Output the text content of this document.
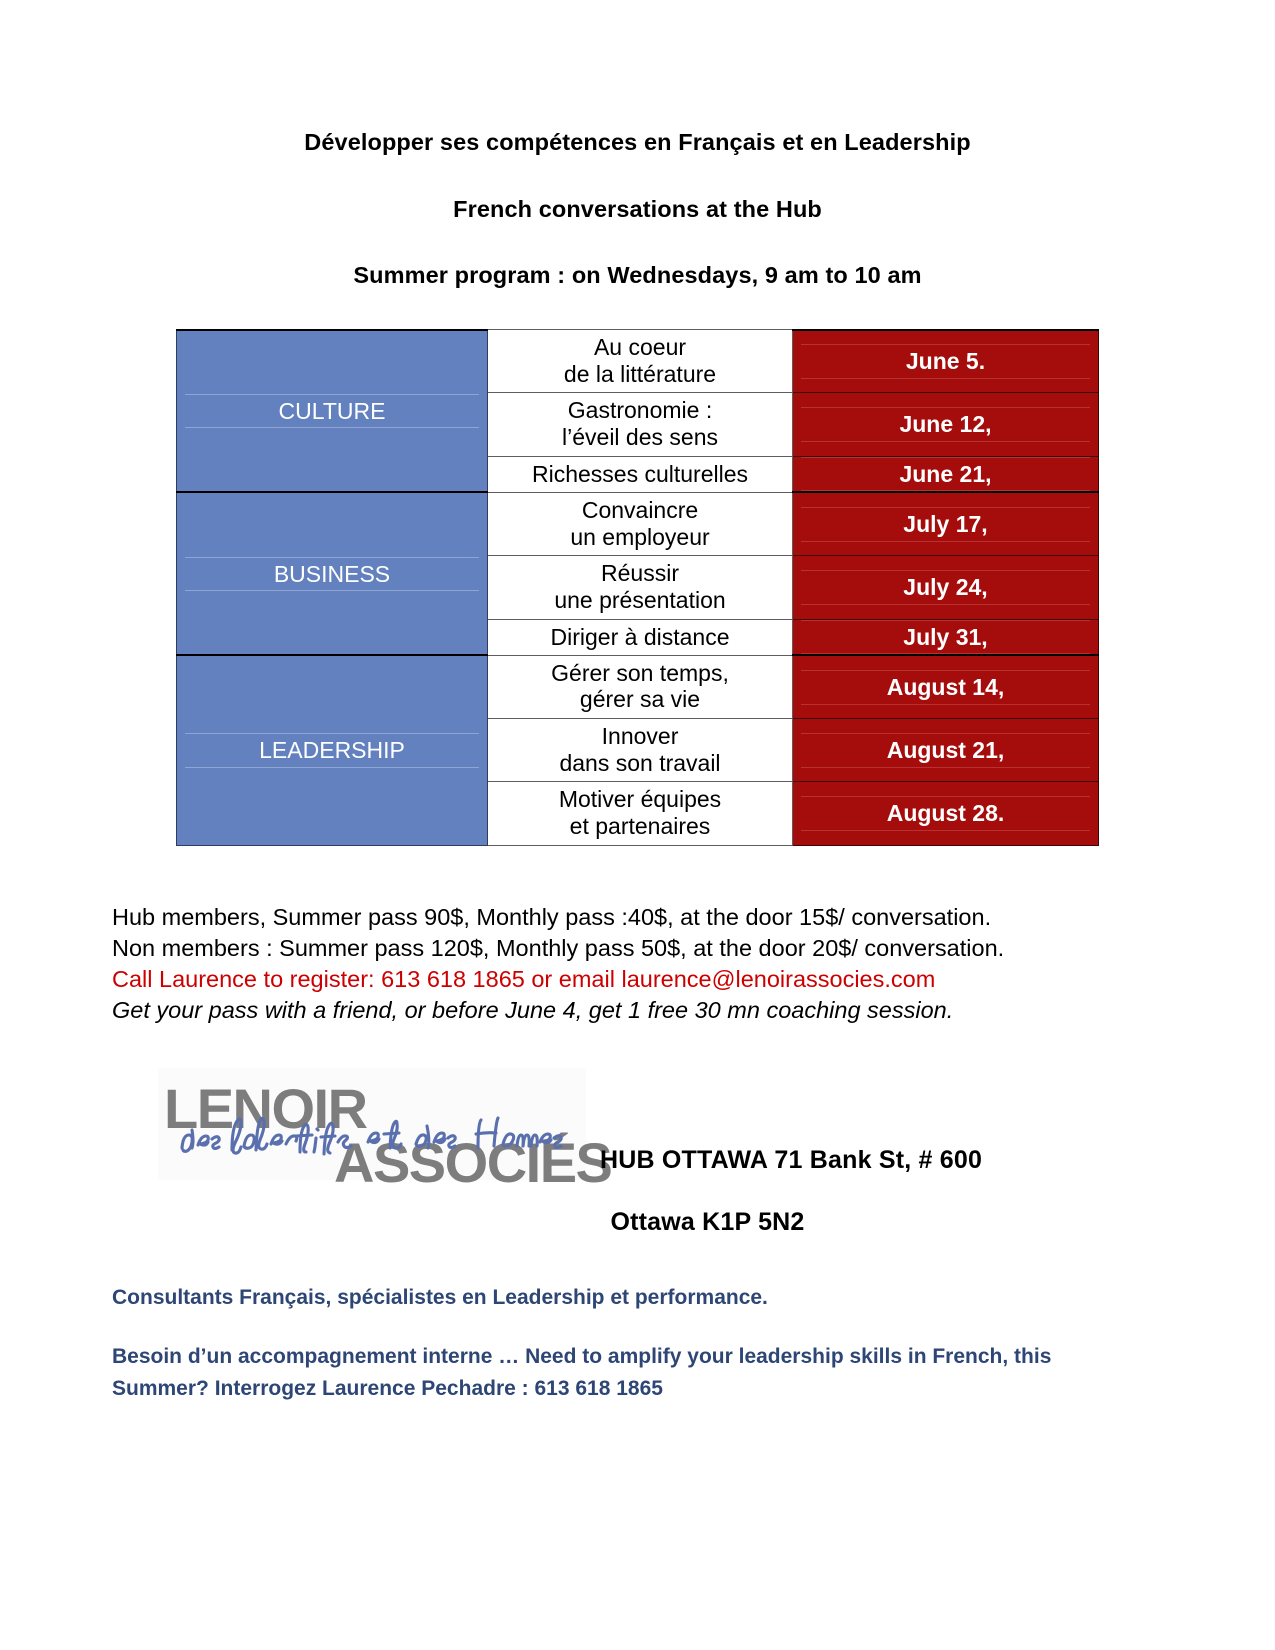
Développer ses compétences en Français et en Leadership
French conversations at the Hub
Summer program : on Wednesdays, 9 am to 10 am
CULTURE	Au coeur
de la littérature	June 5.

	Gastronomie :
l’éveil des sens	June 12,

	Richesses culturelles	June 21,

BUSINESS	Convaincre
un employeur	July 17,

	Réussir
une présentation	July 24,

	Diriger à distance	July 31,

LEADERSHIP	Gérer son temps,
gérer sa vie	August 14,

	Innover
dans son travail	August 21,

	Motiver équipes
et partenaires	August 28.

Hub members, Summer pass 90$, Monthly pass :40$, at the door 15$/ conversation.

Non members : Summer pass 120$, Monthly pass 50$, at the door 20$/ conversation.

Call Laurence to register: 613 618 1865 or email laurence@lenoirassocies.com

Get your pass with a friend, or before June 4, get 1 free 30 mn coaching session.

LENOIR
ASSOCIÉS
HUB OTTAWA 71 Bank St, # 600
Ottawa K1P 5N2

Consultants Français, spécialistes en Leadership et performance.

Besoin d’un accompagnement interne … Need to amplify your leadership skills in French, this
Summer? Interrogez Laurence Pechadre : 613 618 1865
